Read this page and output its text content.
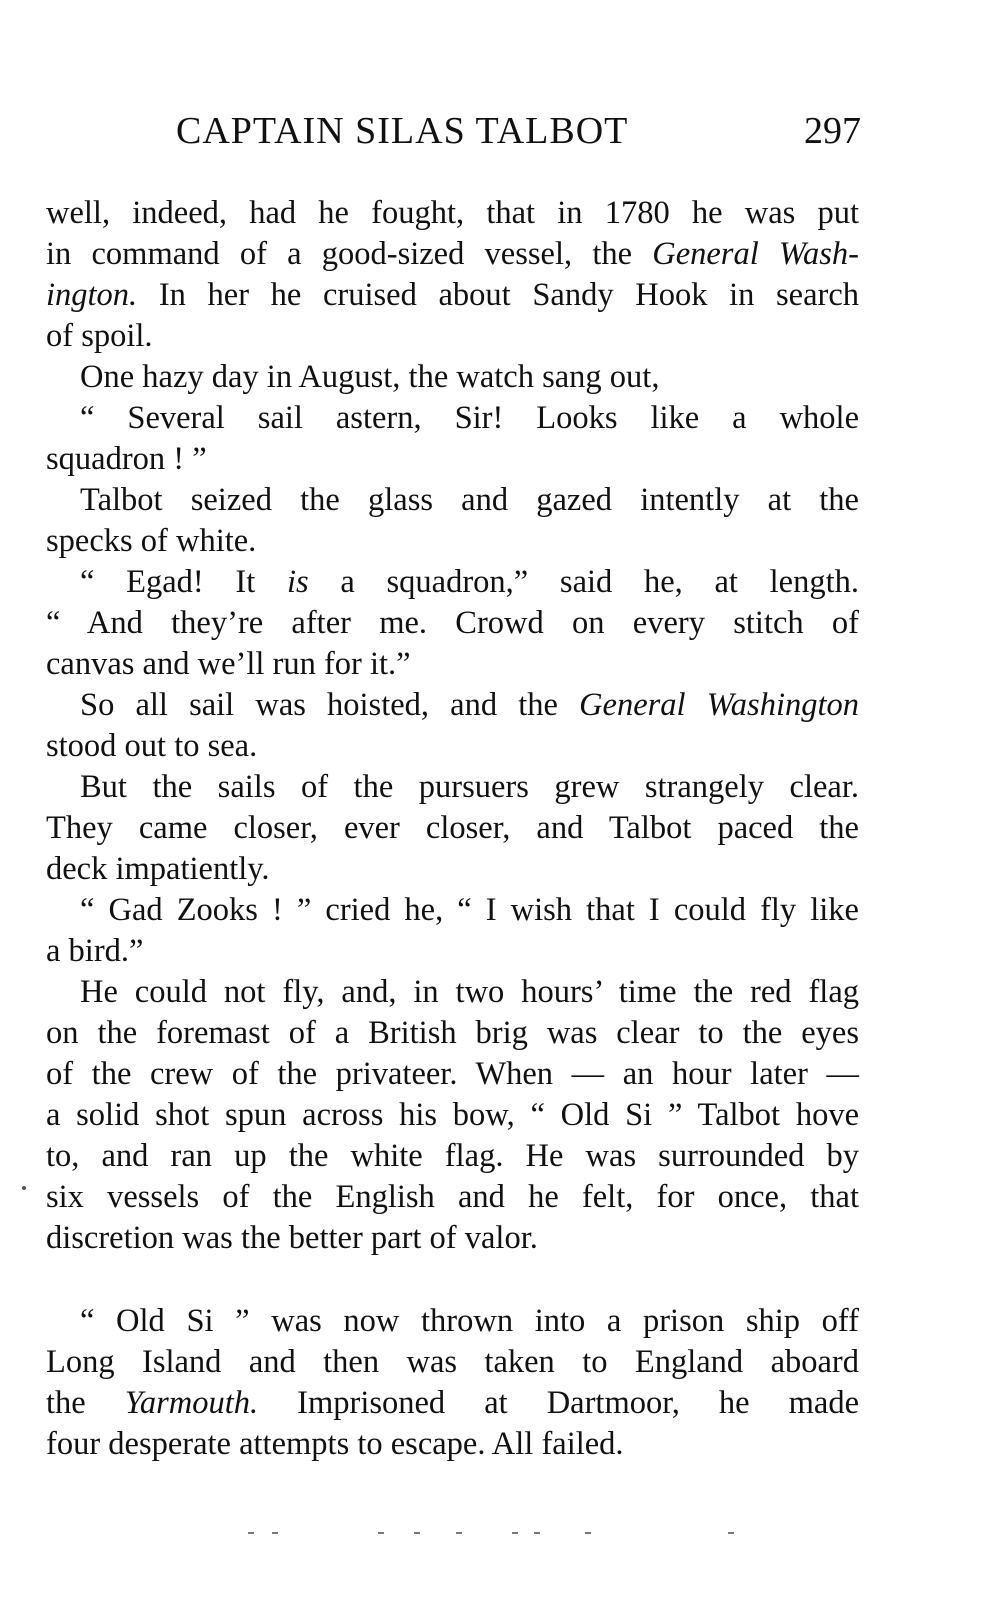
CAPTAIN SILAS TALBOT	297
well, indeed, had he fought, that in 1780 he was put
in command of a good-sized vessel, the General Wash-
ington. In her he cruised about Sandy Hook in search
of spoil.
One hazy day in August, the watch sang out,
“ Several sail astern, Sir! Looks like a whole
squadron ! ”
Talbot seized the glass and gazed intently at the
specks of white.
“ Egad! It is a squadron,” said he, at length.
“ And they’re after me. Crowd on every stitch of
canvas and we’ll run for it.”
So all sail was hoisted, and the General Washington
stood out to sea.
But the sails of the pursuers grew strangely clear.
They came closer, ever closer, and Talbot paced the
deck impatiently.
“ Gad Zooks ! ” cried he, “ I wish that I could fly like
a bird.”
He could not fly, and, in two hours’ time the red flag
on the foremast of a British brig was clear to the eyes
of the crew of the privateer. When — an hour later —
a solid shot spun across his bow, “ Old Si ” Talbot hove
to, and ran up the white flag. He was surrounded by
six vessels of the English and he felt, for once, that
discretion was the better part of valor.
“ Old Si ” was now thrown into a prison ship off
Long Island and then was taken to England aboard
the Yarmouth. Imprisoned at Dartmoor, he made
four desperate attempts to escape. All failed.
